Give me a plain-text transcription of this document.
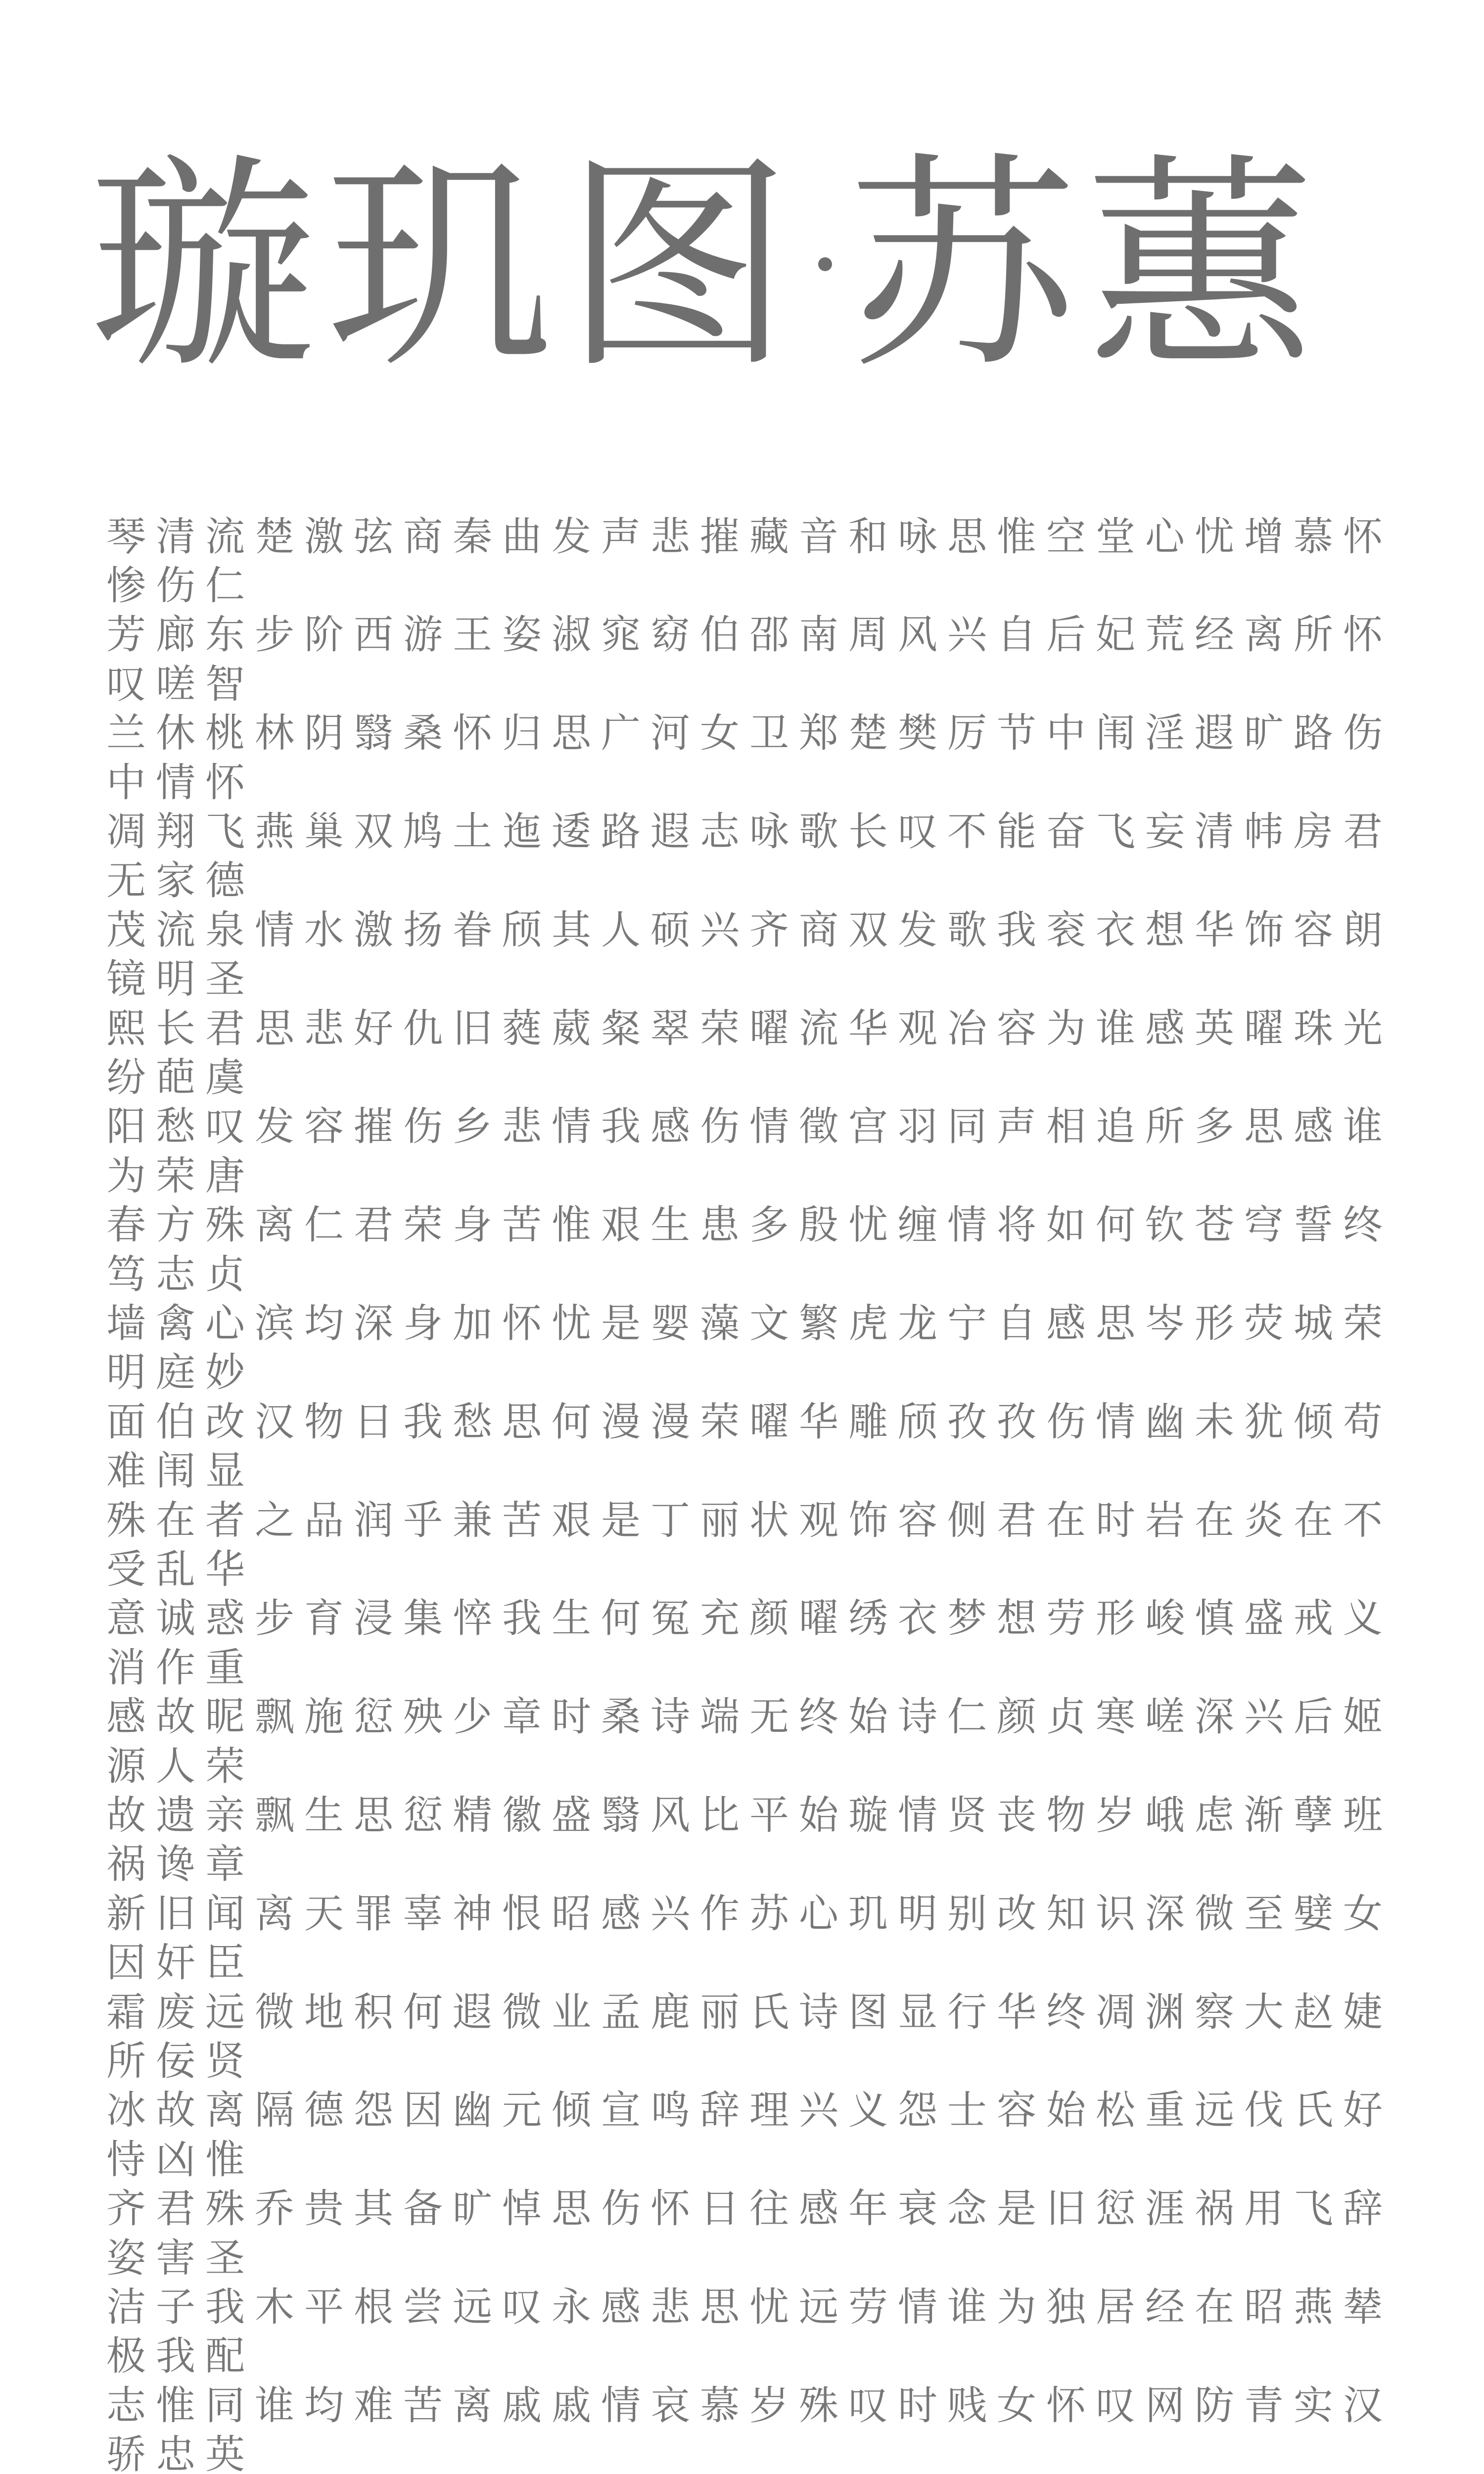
璇玑图 苏蕙
琴 清 流 楚 激 弦 商 秦 曲 发 声 悲 摧 藏 音 和 咏 思 惟 空 堂 心 忧 增 慕 怀
惨 伤 仁
芳 廊 东 步 阶 西 游 王 姿 淑 窕 窈 伯 邵 南 周 风 兴 自 后 妃 荒 经 离 所 怀
叹 嗟 智
兰 休 桃 林 阴 翳 桑 怀 归 思 广 河 女 卫 郑 楚 樊 厉 节 中 闱 淫 遐 旷 路 伤
中 情 怀
凋 翔 飞 燕 巢 双 鸠 土 迤 逶 路 遐 志 咏 歌 长 叹 不 能 奋 飞 妄 清 帏 房 君
无 家 德
茂 流 泉 情 水 激 扬 眷 颀 其 人 硕 兴 齐 商 双 发 歌 我 衮 衣 想 华 饰 容 朗
镜 明 圣
熙 长 君 思 悲 好 仇 旧 蕤 葳 粲 翠 荣 曜 流 华 观 冶 容 为 谁 感 英 曜 珠 光
纷 葩 虞
阳 愁 叹 发 容 摧 伤 乡 悲 情 我 感 伤 情 徵 宫 羽 同 声 相 追 所 多 思 感 谁
为 荣 唐
春 方 殊 离 仁 君 荣 身 苦 惟 艰 生 患 多 殷 忧 缠 情 将 如 何 钦 苍 穹 誓 终
笃 志 贞
墙 禽 心 滨 均 深 身 加 怀 忧 是 婴 藻 文 繁 虎 龙 宁 自 感 思 岑 形 荧 城 荣
明 庭 妙
面 伯 改 汉 物 日 我 愁 思 何 漫 漫 荣 曜 华 雕 颀 孜 孜 伤 情 幽 未 犹 倾 苟
难 闱 显
殊 在 者 之 品 润 乎 兼 苦 艰 是 丁 丽 状 观 饰 容 侧 君 在 时 岩 在 炎 在 不
受 乱 华
意 诚 惑 步 育 浸 集 悴 我 生 何 冤 充 颜 曜 绣 衣 梦 想 劳 形 峻 慎 盛 戒 义
消 作 重
感 故 昵 飘 施 愆 殃 少 章 时 桑 诗 端 无 终 始 诗 仁 颜 贞 寒 嵯 深 兴 后 姬
源 人 荣
故 遗 亲 飘 生 思 愆 精 徽 盛 翳 风 比 平 始 璇 情 贤 丧 物 岁 峨 虑 渐 孽 班
祸 谗 章
新 旧 闻 离 天 罪 辜 神 恨 昭 感 兴 作 苏 心 玑 明 别 改 知 识 深 微 至 嬖 女
因 奸 臣
霜 废 远 微 地 积 何 遐 微 业 孟 鹿 丽 氏 诗 图 显 行 华 终 凋 渊 察 大 赵 婕
所 佞 贤
冰 故 离 隔 德 怨 因 幽 元 倾 宣 鸣 辞 理 兴 义 怨 士 容 始 松 重 远 伐 氏 好
恃 凶 惟
齐 君 殊 乔 贵 其 备 旷 悼 思 伤 怀 日 往 感 年 衰 念 是 旧 愆 涯 祸 用 飞 辞
姿 害 圣
洁 子 我 木 平 根 尝 远 叹 永 感 悲 思 忧 远 劳 情 谁 为 独 居 经 在 昭 燕 辇
极 我 配
志 惟 同 谁 均 难 苦 离 戚 戚 情 哀 慕 岁 殊 叹 时 贱 女 怀 叹 网 防 青 实 汉
骄 忠 英
